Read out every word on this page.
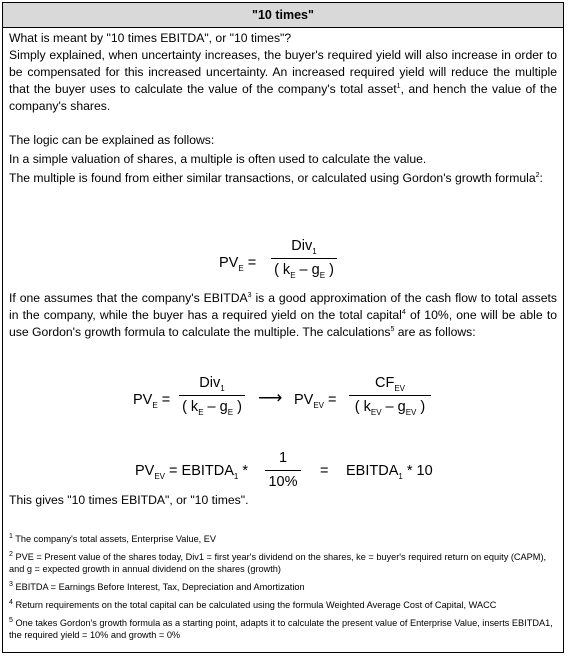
"10 times"

What is meant by "10 times EBITDA", or "10 times"?

Simply explained, when uncertainty increases, the buyer's required yield will also increase in order to be compensated for this increased uncertainty. An increased required yield will reduce the multiple that the buyer uses to calculate the value of the company's total asset$^1$, and hench the value of the company's shares.

The logic can be explained as follows:

In a simple valuation of shares, a multiple is often used to calculate the value.

The multiple is found from either similar transactions, or calculated using Gordon's growth formula$^2$:

$PV_E$ =
Div$_1$
( $k_E - g_E$ )

If one assumes that the company's EBITDA$^3$ is a good approximation of the cash flow to total assets in the company, while the buyer has a required yield on the total capital$^4$ of 10%, one will be able to use Gordon's growth formula to calculate the multiple. The calculations$^5$ are as follows:

$PV_E$ =
Div$_1$
( $k_E - g_E$ ) ⟶ $PV_{EV}$ =
$CF_{EV}$
( $k_{EV} - g_{EV}$ )
$PV_{EV}$ = $EBITDA_1$ *
1
10%
= $EBITDA_1 * 10$

This gives "10 times EBITDA", or "10 times".

$^1$ The company's total assets, Enterprise Value, EV

$^2$ PVE = Present value of the shares today, Div1 = first year's dividend on the shares, ke = buyer's required return on equity (CAPM), and g = expected growth in annual dividend on the shares (growth)

$^3$ EBITDA = Earnings Before Interest, Tax, Depreciation and Amortization

$^4$ Return requirements on the total capital can be calculated using the formula Weighted Average Cost of Capital, WACC

$^5$ One takes Gordon's growth formula as a starting point, adapts it to calculate the present value of Enterprise Value, inserts EBITDA1, the required yield = 10% and growth = 0%
